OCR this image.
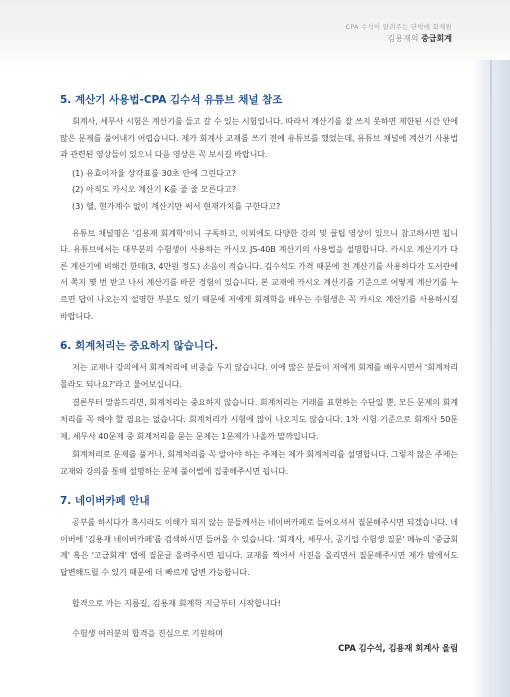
CPA 수석이 알려주는 단박에 회계원
김용재의 중급회계
5. 계산기 사용법-CPA 김수석 유튜브 채널 참조

회계사, 세무사 시험은 계산기를 들고 갈 수 있는 시험입니다. 따라서 계산기를 잘 쓰지 못하면 제한된 시간 안에 많은 문제를 풀어내기 어렵습니다. 제가 회계사 교재를 쓰기 전에 유튜브를 했었는데, 유튜브 채널에 계산기 사용법과 관련된 영상들이 있으니 다음 영상은 꼭 보시길 바랍니다.

(1) 유효이자율 상각표를 30초 안에 그린다고?
(2) 아직도 카시오 계산기 K를 줄 줄 모른다고?
(3) 헬, 현가계수 없이 계산기만 써서 현재가치를 구한다고?

유튜브 채널명은 '김용재 회계학'이니 구독하고, 이외에도 다양한 강의 및 꿀팁 영상이 있으니 참고하시면 됩니다. 유튜브에서는 대부분의 수험생이 사용하는 카시오 JS-40B 계산기의 사용법을 설명합니다. 카시오 계산기가 다른 계산기에 비해긴 한데(3, 4만원 정도) 소음이 적습니다. 김수석도 가격 때문에 전 계산기를 사용하다가 도서관에서 쪽지 몇 번 받고 나서 계산기를 바꾼 경험이 있습니다. 본 교재에 카시오 계산기를 기준으로 어떻게 계산기를 누르면 답이 나오는지 설명한 부분도 있기 때문에 저에게 회계학을 배우는 수험생은 꼭 카시오 계산기를 사용하시길 바랍니다.

6. 회계처리는 중요하지 않습니다.

저는 교재나 강의에서 회계처리에 비중을 두지 않습니다. 이에 많은 분들이 저에게 회계를 배우시면서 '회계처리 몰라도 되나요?'라고 물어보십니다.

결론부터 말씀드리면, 회계처리는 중요하지 않습니다. 회계처리는 거래를 표현하는 수단일 뿐, 모든 문제의 회계처리를 꼭 해야 할 필요는 없습니다. 회계처리가 시험에 많이 나오지도 않습니다. 1차 시험 기준으로 회계사 50문제, 세무사 40문제 중 회계처리를 묻는 문제는 1문제가 나올까 말까입니다.

회계처리로 문제를 풀거나, 회계처리를 꼭 알아야 하는 주제는 제가 회계처리를 설명합니다. 그렇지 않은 주제는 교재와 강의를 통해 설명하는 문제 풀이법에 집중해주시면 됩니다.

7. 네이버카페 안내

공부를 하시다가 혹시라도 이해가 되지 않는 분들께서는 네이버카페로 들어오셔서 질문해주시면 되겠습니다. 네이버에 '김용재 네이버카페'를 검색하시면 들어올 수 있습니다. '회계사, 세무사, 공기업 수험생 질문' 메뉴의 '중급회계' 혹은 '고급회계' 탭에 질문글 올려주시면 됩니다. 교재를 찍어서 사진을 올리면서 질문해주시면 제가 밤에서도 답변해드릴 수 있기 때문에 더 빠르게 답변 가능합니다.

합격으로 가는 지름길, 김용재 회계학 지금부터 시작합니다!
수험생 여러분의 합격을 진심으로 기원하며
CPA 김수석, 김용재 회계사 올림
